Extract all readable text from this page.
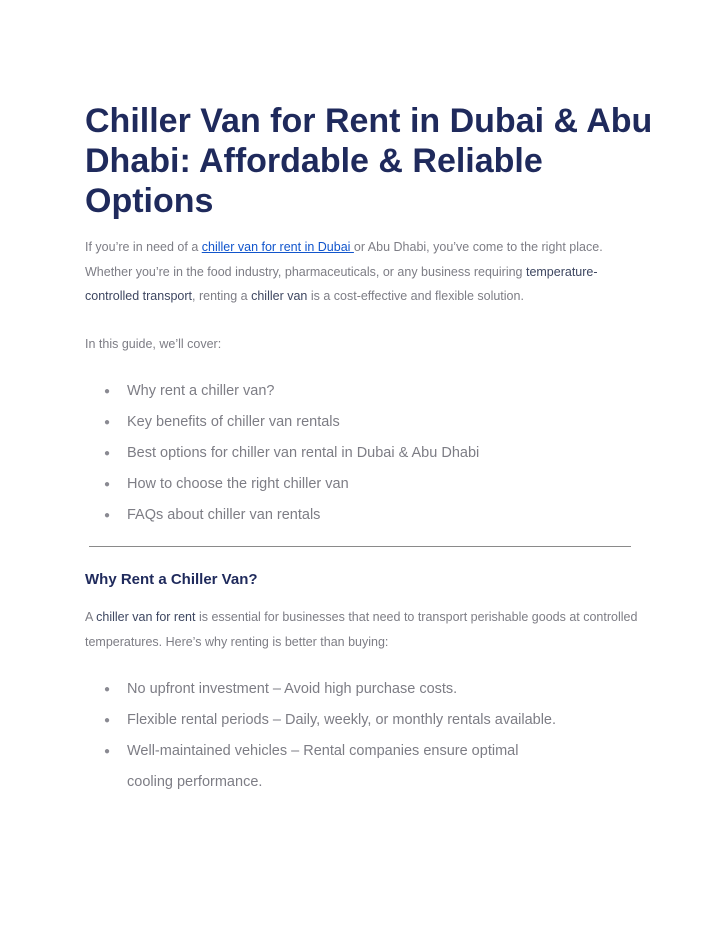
Chiller Van for Rent in Dubai & Abu Dhabi: Affordable & Reliable Options

If you’re in need of a chiller van for rent in Dubai or Abu Dhabi, you’ve come to the right place. Whether you’re in the food industry, pharmaceuticals, or any business requiring temperature-controlled transport, renting a chiller van is a cost-effective and flexible solution.

In this guide, we’ll cover:

● Why rent a chiller van?
● Key benefits of chiller van rentals
● Best options for chiller van rental in Dubai & Abu Dhabi
● How to choose the right chiller van
● FAQs about chiller van rentals
Why Rent a Chiller Van?

A chiller van for rent is essential for businesses that need to transport perishable goods at controlled temperatures. Here’s why renting is better than buying:

● No upfront investment – Avoid high purchase costs.
● Flexible rental periods – Daily, weekly, or monthly rentals available.
● Well-maintained vehicles – Rental companies ensure optimal cooling performance.
